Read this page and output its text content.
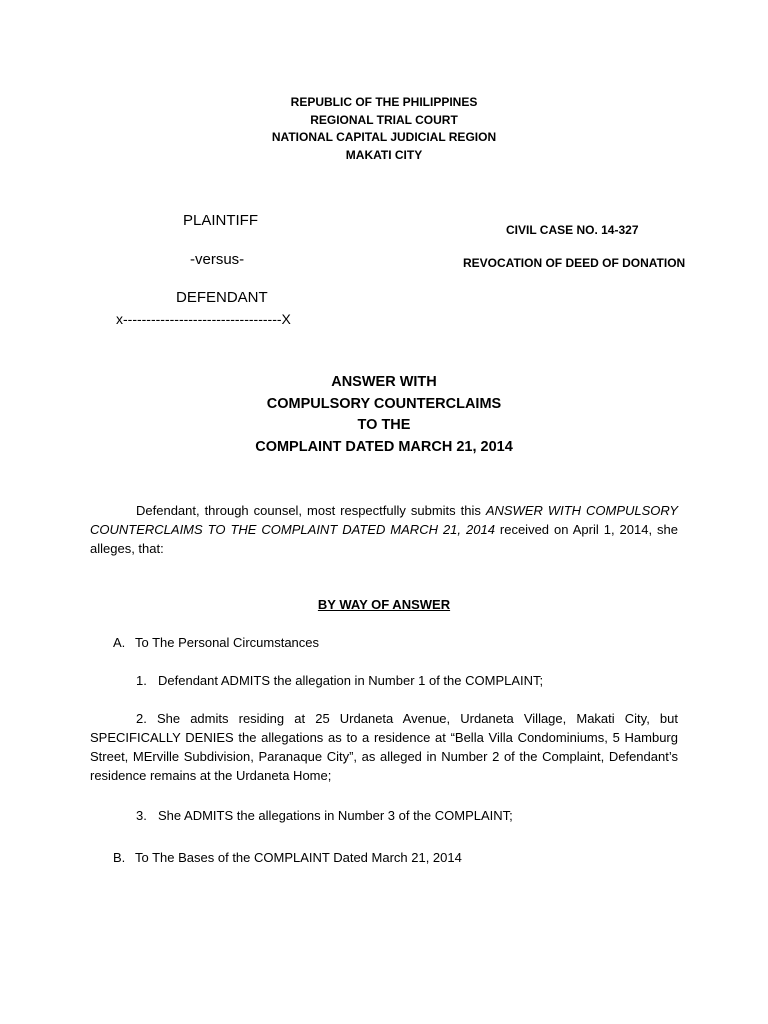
REPUBLIC OF THE PHILIPPINES
REGIONAL TRIAL COURT
NATIONAL CAPITAL JUDICIAL REGION
MAKATI CITY
PLAINTIFF
-versus-
DEFENDANT
x----------------------------------X
CIVIL CASE NO. 14-327
REVOCATION OF DEED OF DONATION
ANSWER WITH
COMPULSORY COUNTERCLAIMS
TO THE
COMPLAINT DATED MARCH 21, 2014
Defendant, through counsel, most respectfully submits this ANSWER WITH COMPULSORY COUNTERCLAIMS TO THE COMPLAINT DATED MARCH 21, 2014 received on April 1, 2014, she alleges, that:
BY WAY OF ANSWER
A. To The Personal Circumstances
1. Defendant ADMITS the allegation in Number 1 of the COMPLAINT;
2. She admits residing at 25 Urdaneta Avenue, Urdaneta Village, Makati City, but SPECIFICALLY DENIES the allegations as to a residence at “Bella Villa Condominiums, 5 Hamburg Street, MErville Subdivision, Paranaque City”, as alleged in Number 2 of the Complaint, Defendant’s residence remains at the Urdaneta Home;
3. She ADMITS the allegations in Number 3 of the COMPLAINT;
B. To The Bases of the COMPLAINT Dated March 21, 2014
